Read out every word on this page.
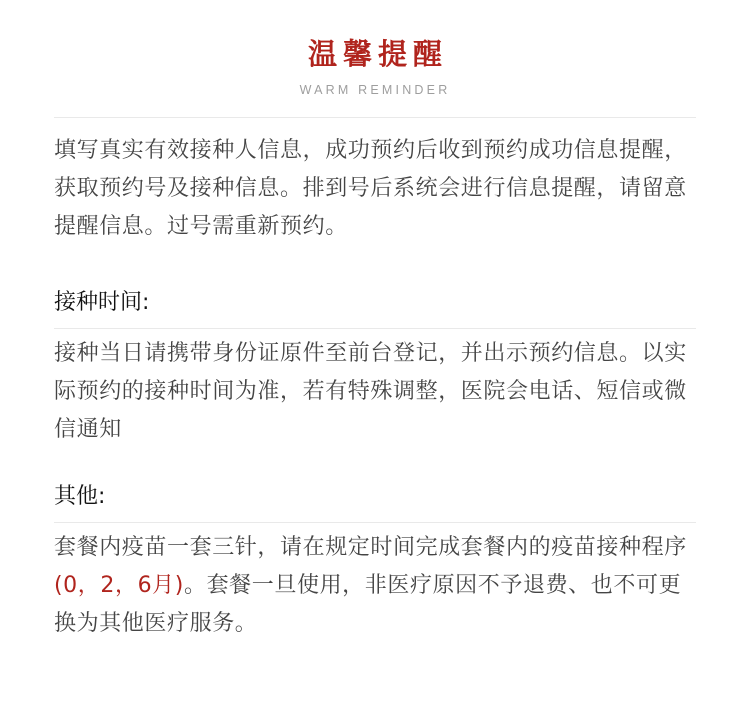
温馨提醒
WARM REMINDER
填写真实有效接种人信息，成功预约后收到预约成功信息提醒，获取预约号及接种信息。排到号后系统会进行信息提醒，请留意提醒信息。过号需重新预约。
接种时间:
接种当日请携带身份证原件至前台登记，并出示预约信息。以实际预约的接种时间为准，若有特殊调整，医院会电话、短信或微信通知
其他:
套餐内疫苗一套三针，请在规定时间完成套餐内的疫苗接种程序(0，2，6月)。套餐一旦使用，非医疗原因不予退费、也不可更换为其他医疗服务。
